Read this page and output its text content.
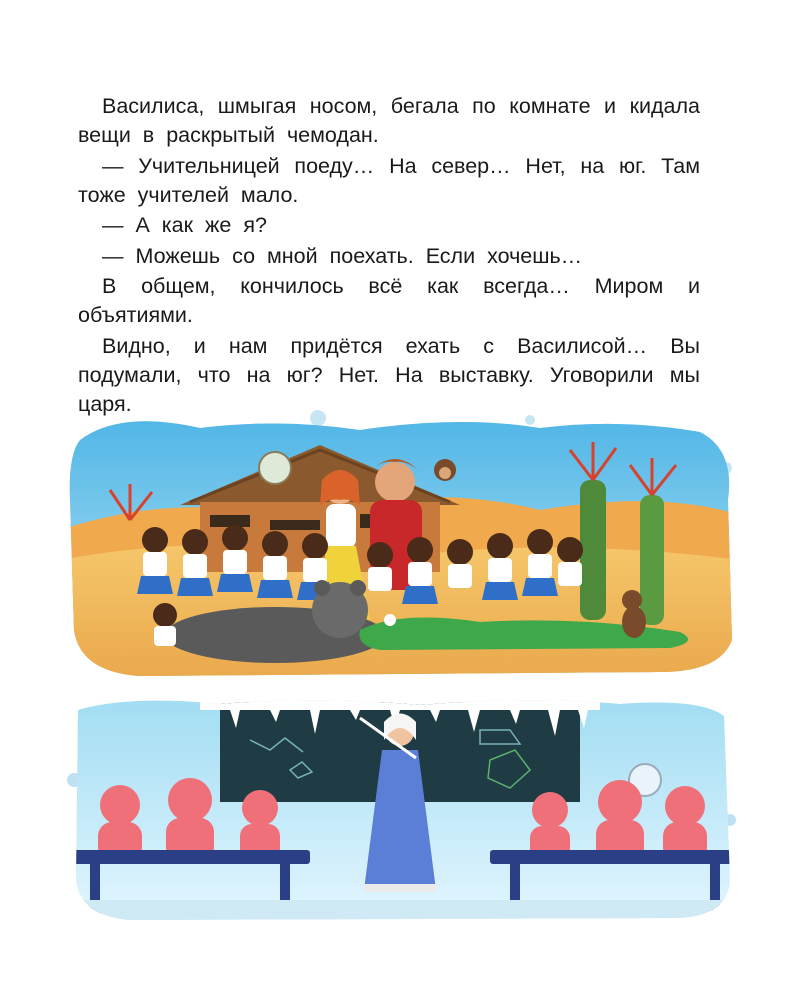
Василиса, шмыгая носом, бегала по комнате и кидала вещи в раскрытый чемодан.

— Учительницей поеду… На север… Нет, на юг. Там тоже учителей мало.

— А как же я?

— Можешь со мной поехать. Если хочешь…

В общем, кончилось всё как всегда… Миром и объятиями.

Видно, и нам придётся ехать с Василисой… Вы подумали, что на юг? Нет. На выставку. Уговорили мы царя.
